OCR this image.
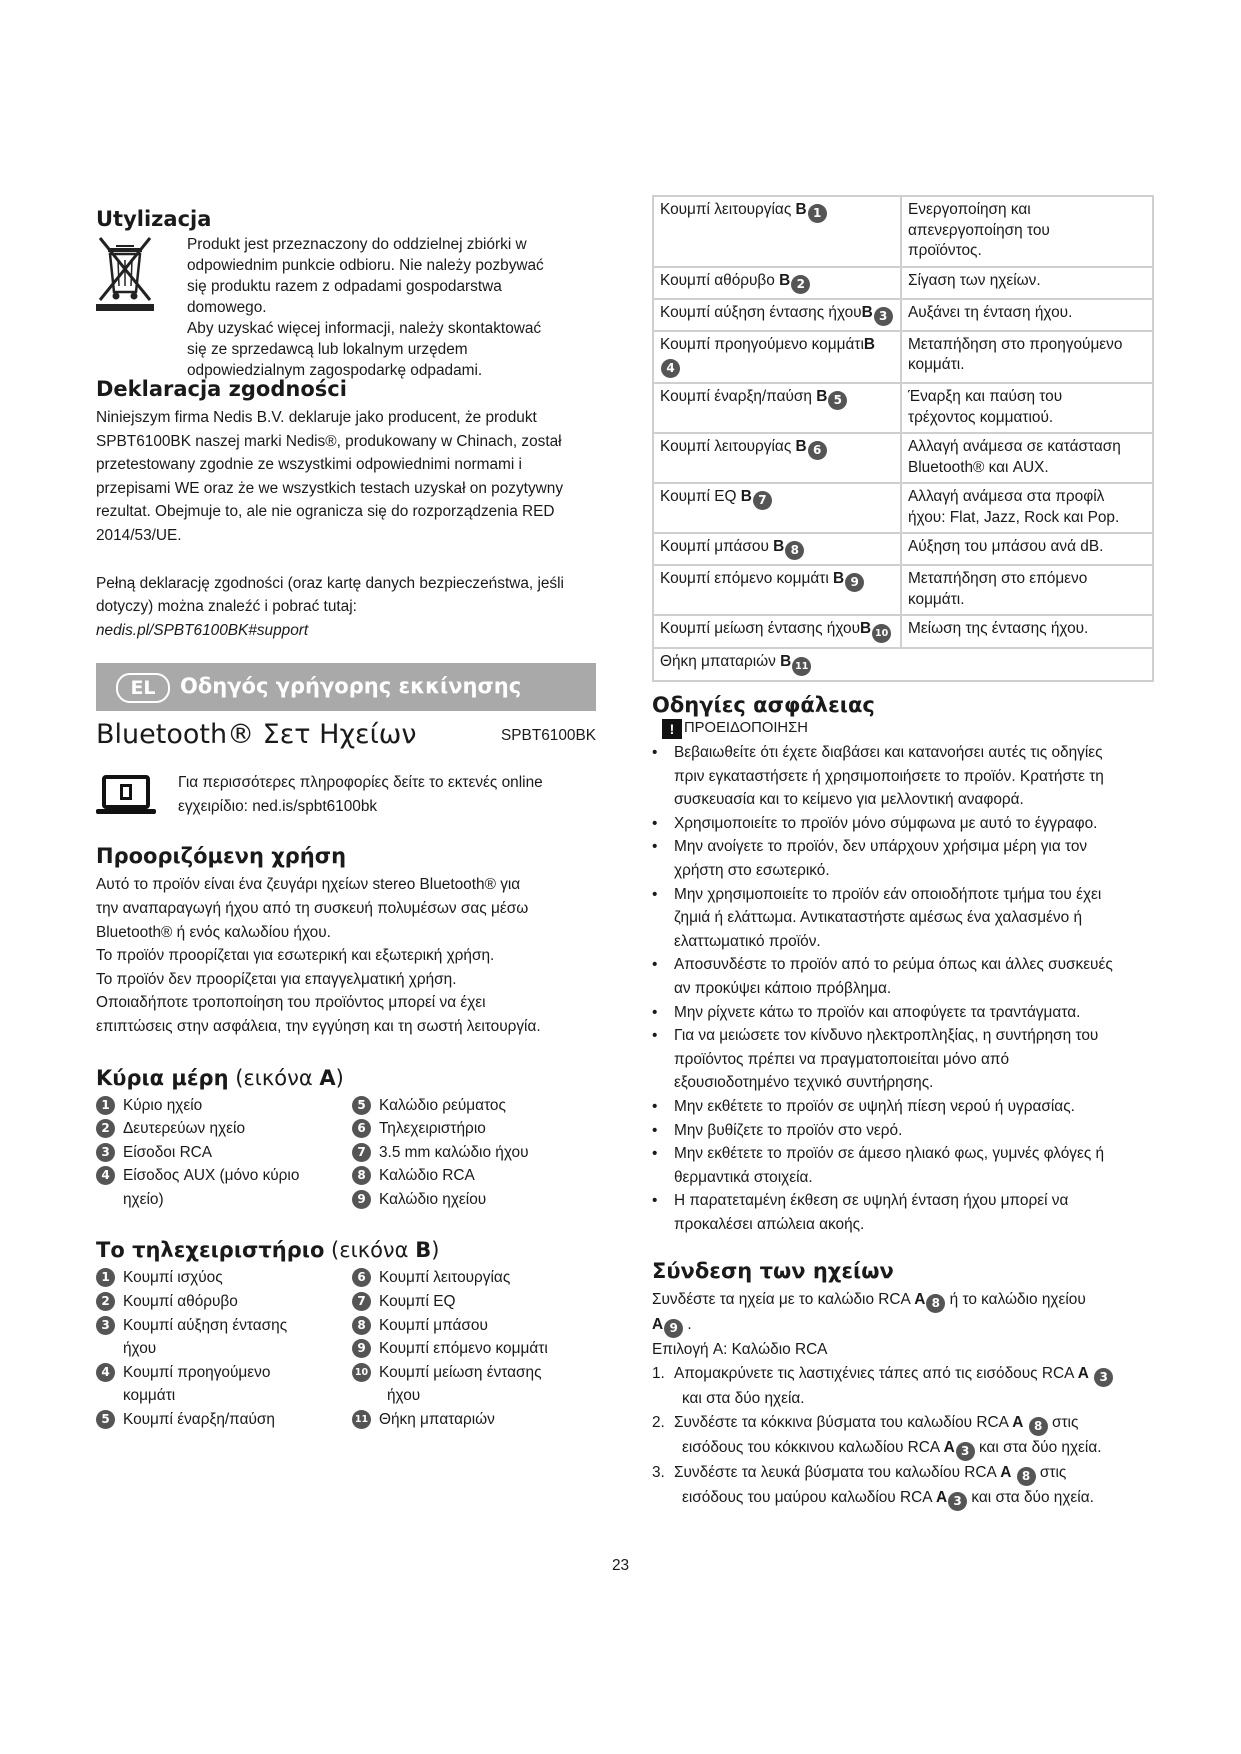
Utylizacja
Produkt jest przeznaczony do oddzielnej zbiórki w
odpowiednim punkcie odbioru. Nie należy pozbywać
się produktu razem z odpadami gospodarstwa
domowego.
Aby uzyskać więcej informacji, należy skontaktować
się ze sprzedawcą lub lokalnym urzędem
odpowiedzialnym zagospodarkę odpadami.
Deklaracja zgodności

Niniejszym firma Nedis B.V. deklaruje jako producent, że produkt

SPBT6100BK naszej marki Nedis®, produkowany w Chinach, został

przetestowany zgodnie ze wszystkimi odpowiednimi normami i

przepisami WE oraz że we wszystkich testach uzyskał on pozytywny

rezultat. Obejmuje to, ale nie ogranicza się do rozporządzenia RED

2014/53/UE.

Pełną deklarację zgodności (oraz kartę danych bezpieczeństwa, jeśli

dotyczy) można znaleźć i pobrać tutaj:

nedis.pl/SPBT6100BK#support

EL	Οδηγός γρήγορης εκκίνησης
Bluetooth® Σετ Ηχείων	SPBT6100BK

Για περισσότερες πληροφορίες δείτε το εκτενές online

εγχειρίδιο: ned.is/spbt6100bk

Προοριζόμενη χρήση

Αυτό το προϊόν είναι ένα ζευγάρι ηχείων stereo Bluetooth® για

την αναπαραγωγή ήχου από τη συσκευή πολυμέσων σας μέσω

Bluetooth® ή ενός καλωδίου ήχου.

Το προϊόν προορίζεται για εσωτερική και εξωτερική χρήση.

Το προϊόν δεν προορίζεται για επαγγελματική χρήση.

Οποιαδήποτε τροποποίηση του προϊόντος μπορεί να έχει

επιπτώσεις στην ασφάλεια, την εγγύηση και τη σωστή λειτουργία.

Κύρια μέρη (εικόνα A)
1 Κύριο ηχείο
2 Δευτερεύων ηχείο
3 Είσοδοι RCA
4 Είσοδος AUX (μόνο κύριο
ηχείο)
5 Καλώδιο ρεύματος
6 Τηλεχειριστήριο
7 3.5 mm καλώδιο ήχου
8 Καλώδιο RCA
9 Καλώδιο ηχείου
Το τηλεχειριστήριο (εικόνα B)
1 Κουμπί ισχύος
2 Κουμπί αθόρυβο
3 Κουμπί αύξηση έντασης
ήχου
4 Κουμπί προηγούμενο
κομμάτι
5 Κουμπί έναρξη/παύση
6 Κουμπί λειτουργίας
7 Κουμπί EQ
8 Κουμπί μπάσου
9 Κουμπί επόμενο κομμάτι
10 Κουμπί μείωση έντασης
ήχου
11 Θήκη μπαταριών
Κουμπί λειτουργίας B 1	Ενεργοποίηση και
απενεργοποίηση του
προϊόντος.

Κουμπί αθόρυβο B 2	Σίγαση των ηχείων.

Κουμπί αύξηση έντασης ήχουB 3	Αυξάνει τη ένταση ήχου.

Κουμπί προηγούμενο κομμάτιB4	Μεταπήδηση στο προηγούμενο
κομμάτι.

Κουμπί έναρξη/παύση B 5	Έναρξη και παύση του
τρέχοντος κομματιού.

Κουμπί λειτουργίας B 6	Αλλαγή ανάμεσα σε κατάσταση
Bluetooth® και AUX.

Κουμπί EQ B 7	Αλλαγή ανάμεσα στα προφίλ
ήχου: Flat, Jazz, Rock και Pop.

Κουμπί μπάσου B 8	Αύξηση του μπάσου ανά dB.

Κουμπί επόμενο κομμάτι B 9	Μεταπήδηση στο επόμενο
κομμάτι.

Κουμπί μείωση έντασης ήχουB 10	Μείωση της έντασης ήχου.

Θήκη μπαταριών B 11	
Οδηγίες ασφάλειας
! ΠΡΟΕΙΔΟΠΟΙΗΣΗ
• Βεβαιωθείτε ότι έχετε διαβάσει και κατανοήσει αυτές τις οδηγίες
πριν εγκαταστήσετε ή χρησιμοποιήσετε το προϊόν. Κρατήστε τη
συσκευασία και το κείμενο για μελλοντική αναφορά.
• Χρησιμοποιείτε το προϊόν μόνο σύμφωνα με αυτό το έγγραφο.
• Μην ανοίγετε το προϊόν, δεν υπάρχουν χρήσιμα μέρη για τον
χρήστη στο εσωτερικό.
• Μην χρησιμοποιείτε το προϊόν εάν οποιοδήποτε τμήμα του έχει
ζημιά ή ελάττωμα. Αντικαταστήστε αμέσως ένα χαλασμένο ή
ελαττωματικό προϊόν.
• Αποσυνδέστε το προϊόν από το ρεύμα όπως και άλλες συσκευές
αν προκύψει κάποιο πρόβλημα.
• Μην ρίχνετε κάτω το προϊόν και αποφύγετε τα τραντάγματα.
• Για να μειώσετε τον κίνδυνο ηλεκτροπληξίας, η συντήρηση του
προϊόντος πρέπει να πραγματοποιείται μόνο από
εξουσιοδοτημένο τεχνικό συντήρησης.
• Μην εκθέτετε το προϊόν σε υψηλή πίεση νερού ή υγρασίας.
• Μην βυθίζετε το προϊόν στο νερό.
• Μην εκθέτετε το προϊόν σε άμεσο ηλιακό φως, γυμνές φλόγες ή
θερμαντικά στοιχεία.
• Η παρατεταμένη έκθεση σε υψηλή ένταση ήχου μπορεί να
προκαλέσει απώλεια ακοής.
Σύνδεση των ηχείων

Συνδέστε τα ηχεία με το καλώδιο RCA A 8 ή το καλώδιο ηχείου

A 9 .

Επιλογή A: Καλώδιο RCA

1. Απομακρύνετε τις λαστιχένιες τάπες από τις εισόδους RCA A 3
και στα δύο ηχεία.
2. Συνδέστε τα κόκκινα βύσματα του καλωδίου RCA A 8 στις
εισόδους του κόκκινου καλωδίου RCA A 3 και στα δύο ηχεία.
3. Συνδέστε τα λευκά βύσματα του καλωδίου RCA A 8 στις
εισόδους του μαύρου καλωδίου RCA A 3 και στα δύο ηχεία.
23
